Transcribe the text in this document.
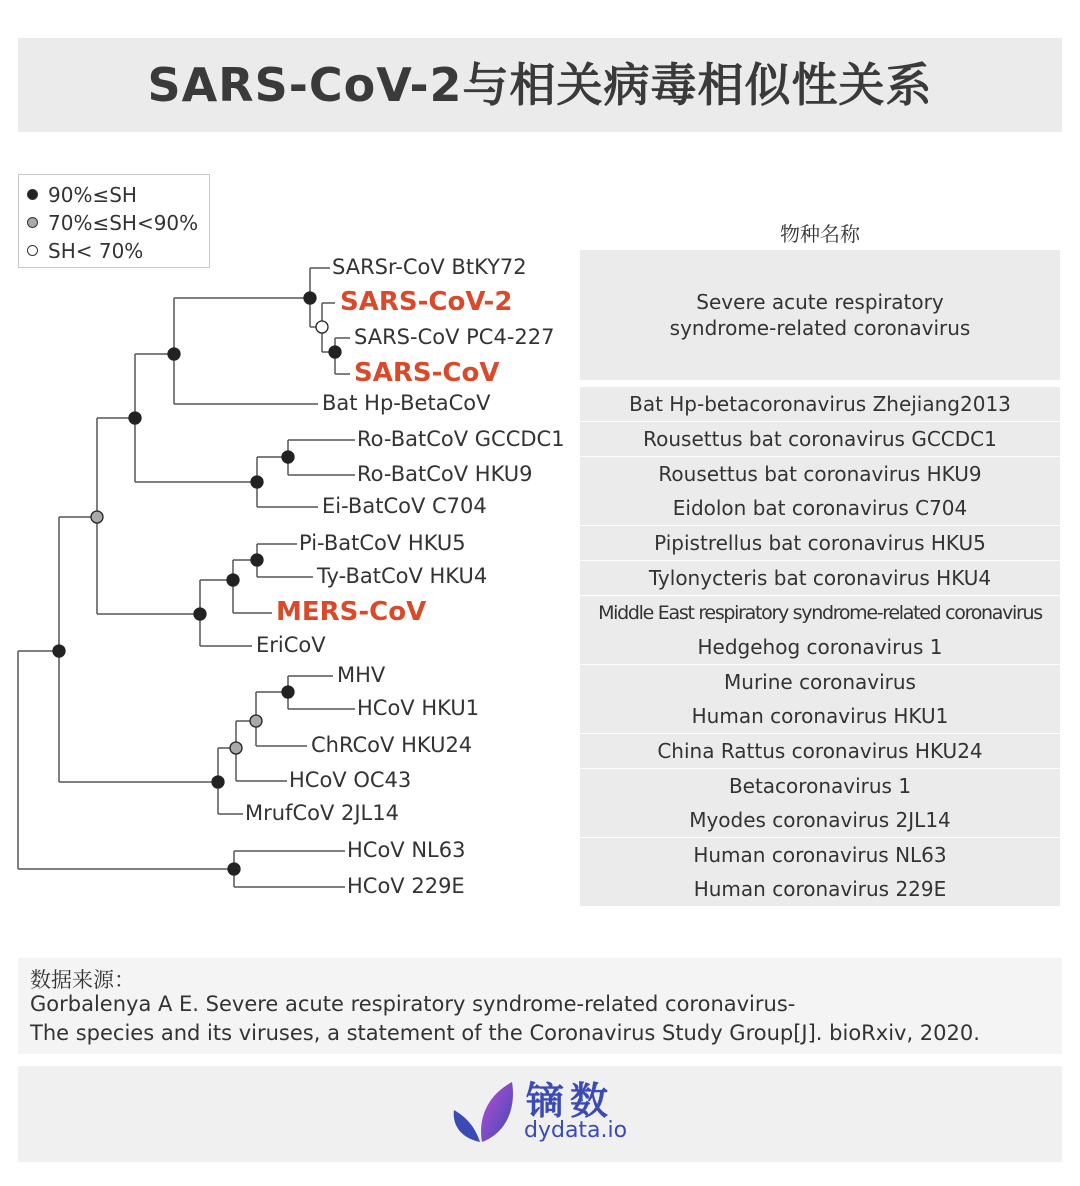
SARS-CoV-2与相关病毒相似性关系
90%≤SH
70%≤SH<90%
SH< 70%
SARSr-CoV BtKY72
SARS-CoV-2
SARS-CoV PC4-227
SARS-CoV
Bat Hp-BetaCoV
Ro-BatCoV GCCDC1
Ro-BatCoV HKU9
Ei-BatCoV C704
Pi-BatCoV HKU5
Ty-BatCoV HKU4
MERS-CoV
EriCoV
MHV
HCoV HKU1
ChRCoV HKU24
HCoV OC43
MrufCoV 2JL14
HCoV NL63
HCoV 229E
物种名称
Severe acute respiratory syndrome-related coronavirus
Bat Hp-betacoronavirus Zhejiang2013
Rousettus bat coronavirus GCCDC1
Rousettus bat coronavirus HKU9
Eidolon bat coronavirus C704
Pipistrellus bat coronavirus HKU5
Tylonycteris bat coronavirus HKU4
Middle East respiratory syndrome-related coronavirus
Hedgehog coronavirus 1
Murine coronavirus
Human coronavirus HKU1
China Rattus coronavirus HKU24
Betacoronavirus 1
Myodes coronavirus 2JL14
Human coronavirus NL63
Human coronavirus 229E
数据来源：
Gorbalenya A E. Severe acute respiratory syndrome-related coronavirus-
The species and its viruses, a statement of the Coronavirus Study Group[J]. bioRxiv, 2020.
镝数
dydata.io
